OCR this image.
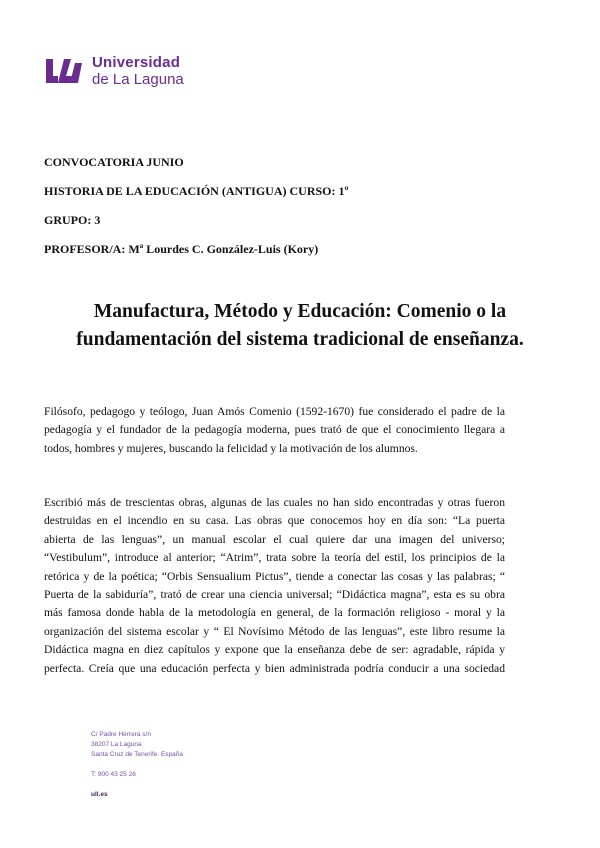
Universidad
de La Laguna
CONVOCATORIA JUNIO
HISTORIA DE LA EDUCACIÓN (ANTIGUA) CURSO: 1º
GRUPO: 3
PROFESOR/A: Mª Lourdes C. González-Luis (Kory)
Manufactura, Método y Educación: Comenio o la
fundamentación del sistema tradicional de enseñanza.
Filósofo, pedagogo y teólogo, Juan Amós Comenio (1592-1670) fue considerado el padre de la
pedagogía y el fundador de la pedagogía moderna, pues trató de que el conocimiento llegara a
todos, hombres y mujeres, buscando la felicidad y la motivación de los alumnos.
Escribió más de trescientas obras, algunas de las cuales no han sido encontradas y otras fueron
destruidas en el incendio en su casa. Las obras que conocemos hoy en día son: “La puerta
abierta de las lenguas”, un manual escolar el cual quiere dar una imagen del universo;
“Vestibulum”, introduce al anterior; “Atrim”, trata sobre la teoría del estil, los principios de la
retórica y de la poética; “Orbis Sensualium Pictus”, tiende a conectar las cosas y las palabras; “
Puerta de la sabiduría”, trató de crear una ciencia universal; “Didáctica magna”, esta es su obra
más famosa donde habla de la metodología en general, de la formación religioso - moral y la
organización del sistema escolar y “ El Novísimo Método de las lenguas”, este libro resume la
Didáctica magna en diez capítulos y expone que la enseñanza debe de ser: agradable, rápida y
perfecta. Creía que una educación perfecta y bien administrada podría conducir a una sociedad
C/ Padre Herrera s/n
38207 La Laguna
Santa Cruz de Tenerife. España
T: 900 43 25 26
ull.es
